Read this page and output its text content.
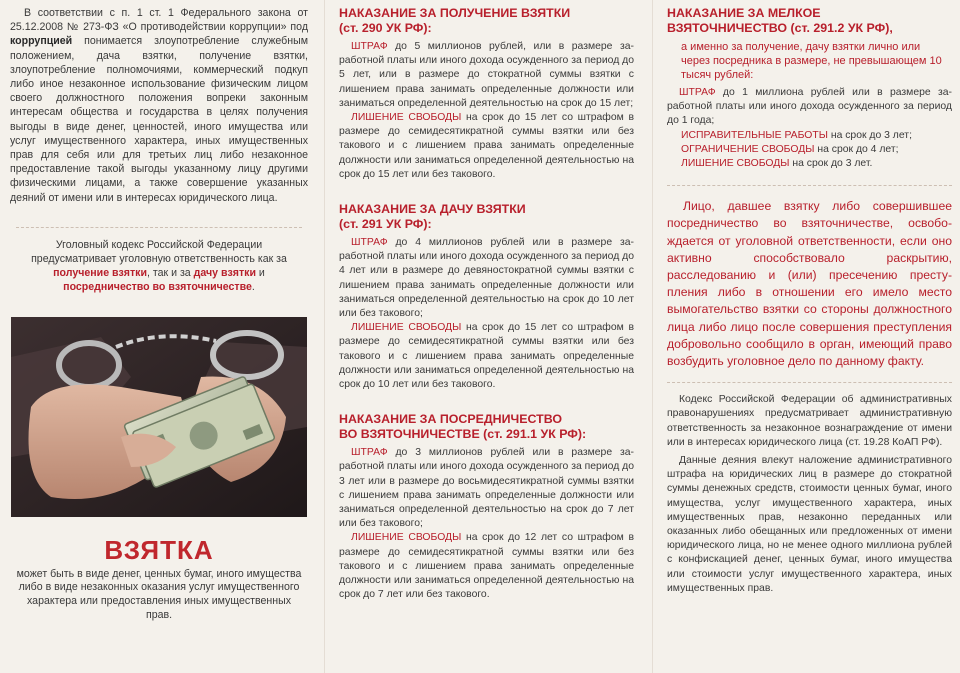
В соответствии с п. 1 ст. 1 Федерального закона от 25.12.2008 № 273-ФЗ «О противодействии коррупции» под коррупцией понимается злоупотребление служебным положением, дача взятки, получение взятки, злоупотребление полномочиями, коммерческий подкуп либо иное незаконное использование физическим лицом своего должностного положения вопреки законным интересам общества и государства в целях получения выгоды в виде денег, ценностей, иного имущества или услуг имущественного характера, иных имущественных прав для себя или для третьих лиц либо незаконное предоставление такой выгоды указанному лицу другими физическими лицами, а также совершение указанных деяний от имени или в интересах юридического лица.

Уголовный кодекс Российской Федерации предусматривает уголовную ответственность как за получение взятки, так и за дачу взятки и посредничество во взяточничестве.

ВЗЯТКА

может быть в виде денег, ценных бумаг, иного имущества либо в виде незаконных оказания услуг имущественного характера или предоставления иных имущественных прав.

НАКАЗАНИЕ ЗА ПОЛУЧЕНИЕ ВЗЯТКИ
(ст. 290 УК РФ):

ШТРАФ до 5 миллионов рублей, или в размере заработной платы или иного дохода осужденного за период до 5 лет, или в размере до стократной суммы взятки с лишением права занимать определенные должности или заниматься определенной деятельностью на срок до 15 лет;

ЛИШЕНИЕ СВОБОДЫ на срок до 15 лет со штрафом в размере до семидесятикратной суммы взятки или без такового и с лишением права занимать определенные должности или заниматься определенной деятельностью на срок до 15 лет или без такового.

НАКАЗАНИЕ ЗА ДАЧУ ВЗЯТКИ
(ст. 291 УК РФ):

ШТРАФ до 4 миллионов рублей или в размере заработной платы или иного дохода осужденного за период до 4 лет или в размере до девяностократной суммы взятки с лишением права занимать определенные должности или заниматься определенной деятельностью на срок до 10 лет или без такового;

ЛИШЕНИЕ СВОБОДЫ на срок до 15 лет со штрафом в размере до семидесятикратной суммы взятки или без такового и с лишением права занимать определенные должности или заниматься определенной деятельностью на срок до 10 лет или без такового.

НАКАЗАНИЕ ЗА ПОСРЕДНИЧЕСТВО
ВО ВЗЯТОЧНИЧЕСТВЕ (ст. 291.1 УК РФ):

ШТРАФ до 3 миллионов рублей или в размере заработной платы или иного дохода осужденного за период до 3 лет или в размере до восьмидесятикратной суммы взятки с лишением права занимать определенные должности или заниматься определенной деятельностью на срок до 7 лет или без такового;

ЛИШЕНИЕ СВОБОДЫ на срок до 12 лет со штрафом в размере до семидесятикратной суммы взятки или без такового и с лишением права занимать определенные должности или заниматься определенной деятельностью на срок до 7 лет или без такового.

НАКАЗАНИЕ ЗА МЕЛКОЕ
ВЗЯТОЧНИЧЕСТВО (ст. 291.2 УК РФ),

а именно за получение, дачу взятки лично или через посредника в размере, не превышающем 10 тысяч рублей:

ШТРАФ до 1 миллиона рублей или в размере заработной платы или иного дохода осужденного за период до 1 года;

ИСПРАВИТЕЛЬНЫЕ РАБОТЫ на срок до 3 лет;
ОГРАНИЧЕНИЕ СВОБОДЫ на срок до 4 лет;
ЛИШЕНИЕ СВОБОДЫ на срок до 3 лет.

Лицо, давшее взятку либо совершившее посредничество во взяточничестве, освобождается от уголовной ответственности, если оно активно способствовало раскрытию, расследованию и (или) пресечению преступления либо в отношении его имело место вымогательство взятки со стороны должностного лица либо лицо после совершения преступления добровольно сообщило в орган, имеющий право возбудить уголовное дело по данному факту.

Кодекс Российской Федерации об административных правонарушениях предусматривает административную ответственность за незаконное вознаграждение от имени или в интересах юридического лица (ст. 19.28 КоАП РФ).

Данные деяния влекут наложение административного штрафа на юридических лиц в размере до стократной суммы денежных средств, стоимости ценных бумаг, иного имущества, услуг имущественного характера, иных имущественных прав, незаконно переданных или оказанных либо обещанных или предложенных от имени юридического лица, но не менее одного миллиона рублей с конфискацией денег, ценных бумаг, иного имущества или стоимости услуг имущественного характера, иных имущественных прав.
